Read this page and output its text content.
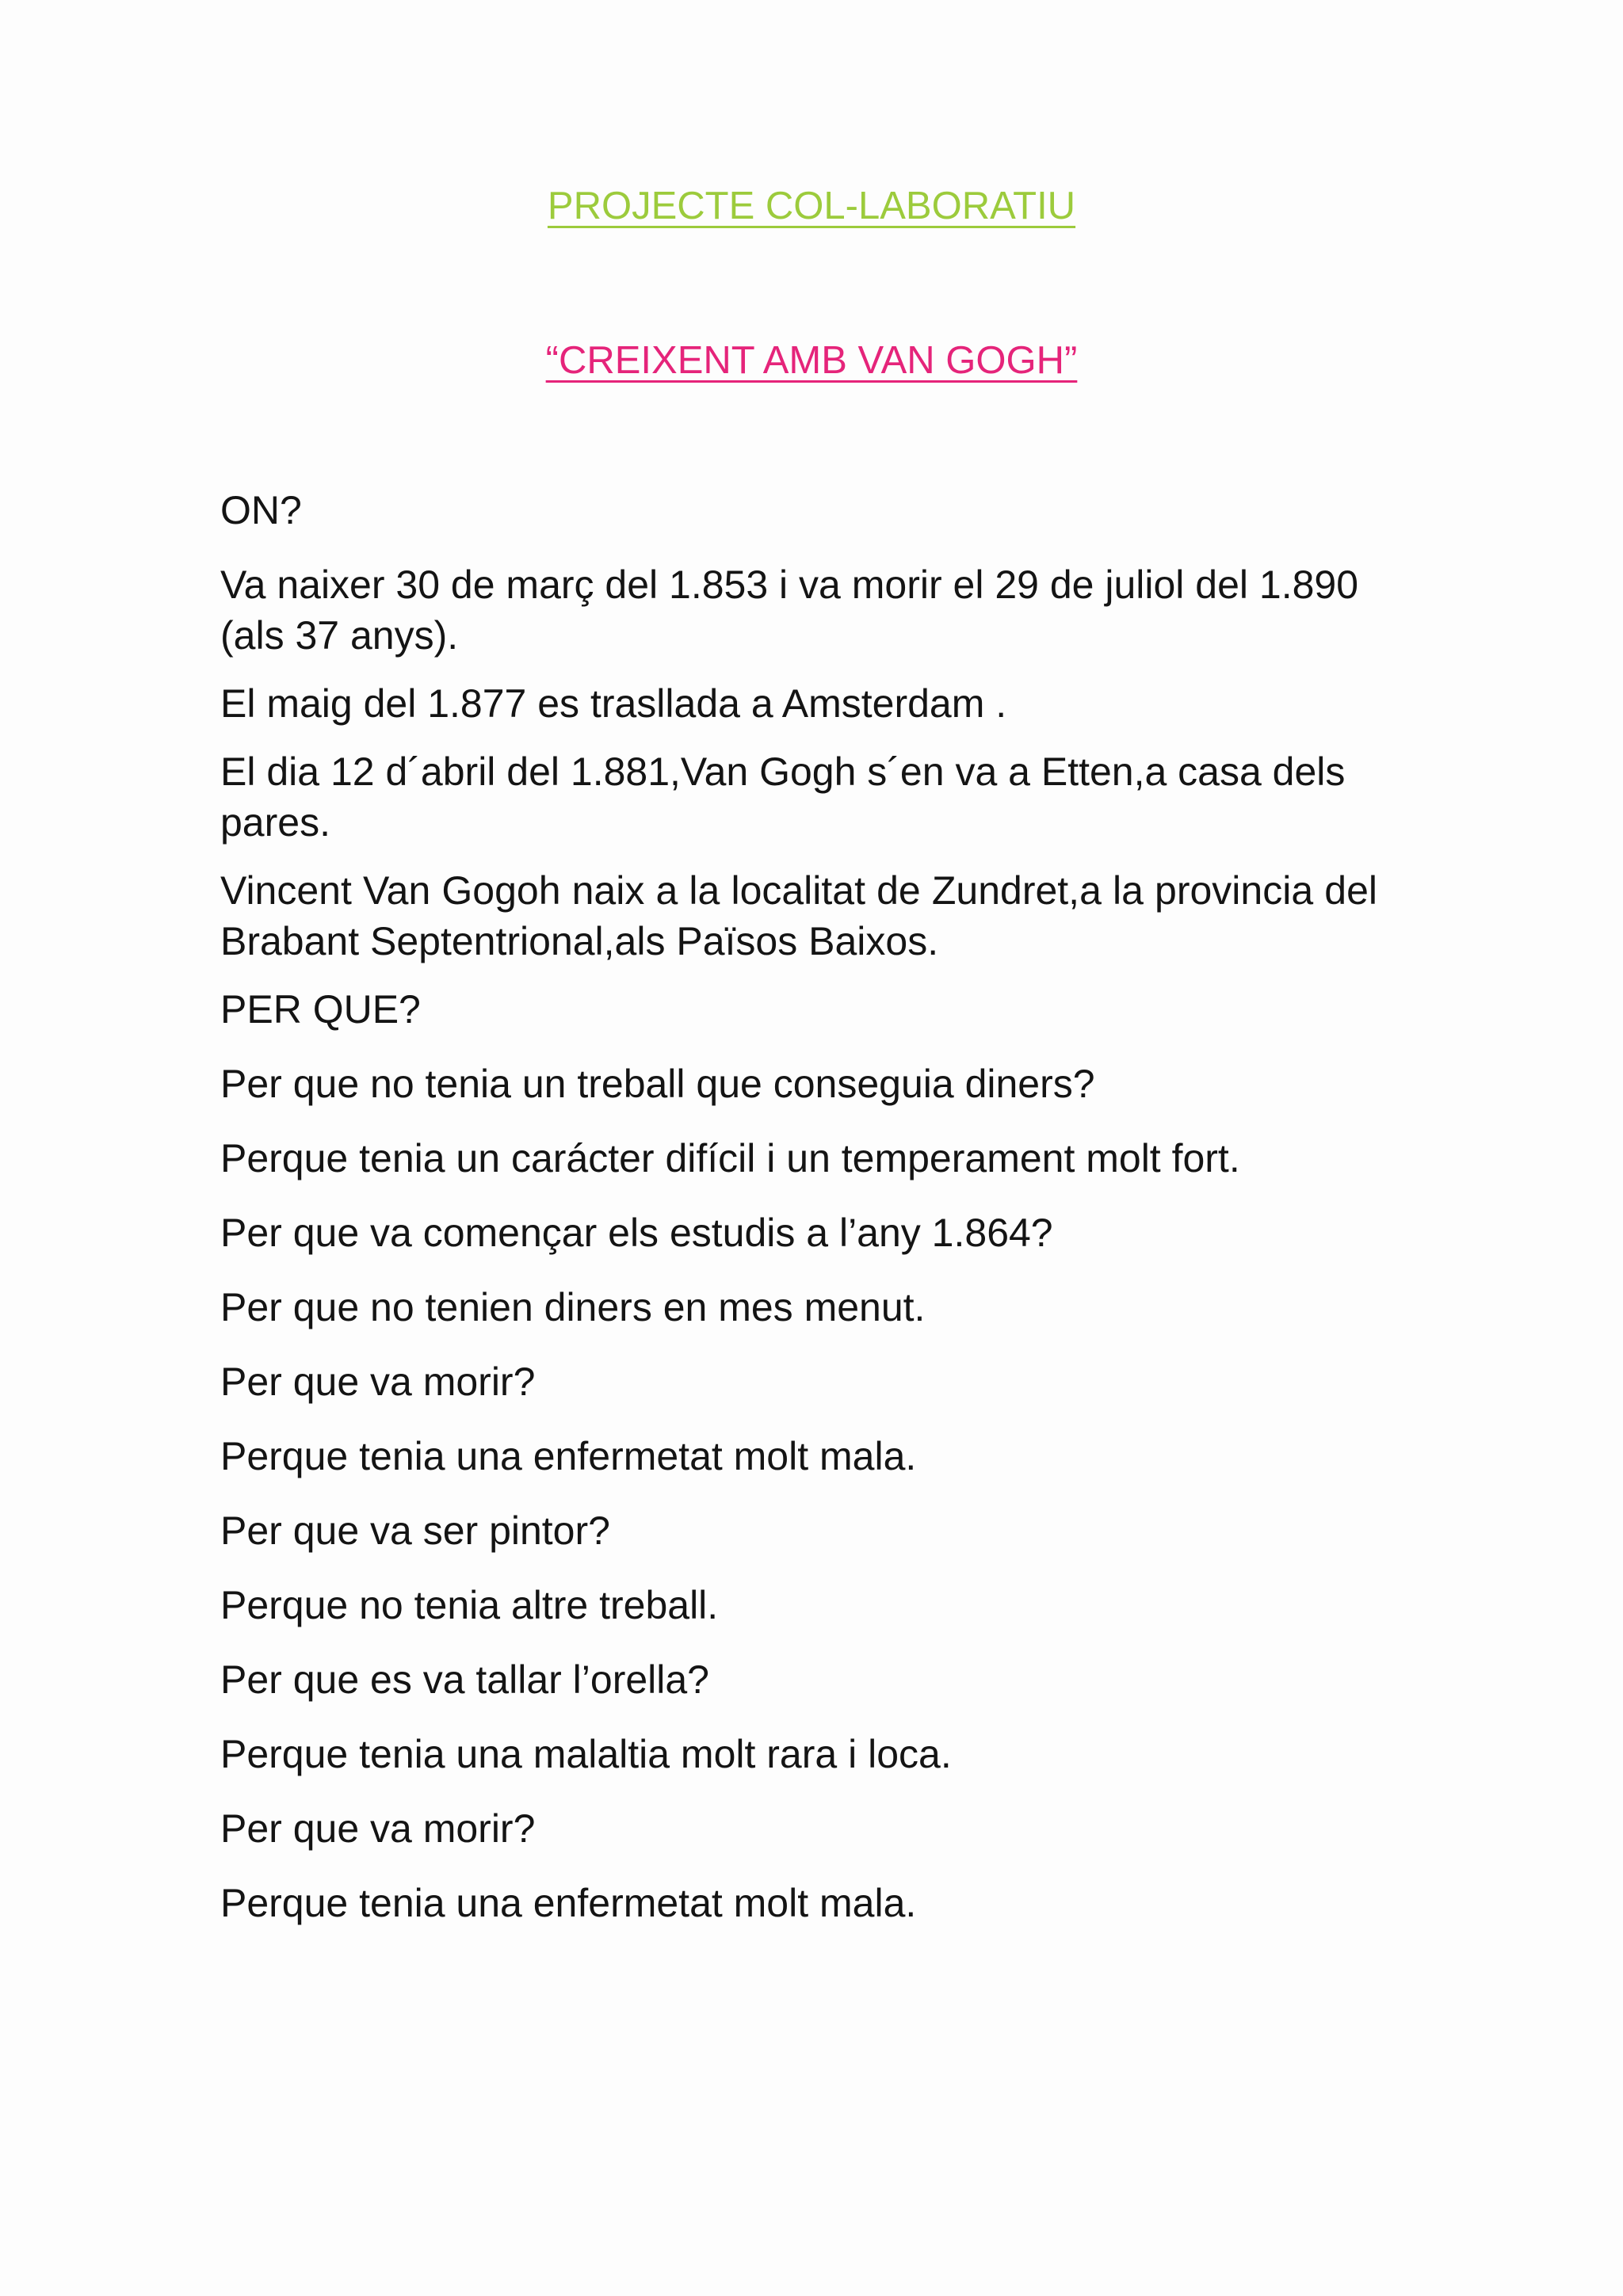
PROJECTE COL-LABORATIU
“CREIXENT AMB VAN GOGH”

ON?

Va naixer 30 de març del 1.853 i va morir el 29 de juliol del 1.890 (als 37 anys).

El maig del 1.877 es traslladа a Amsterdam .

El dia 12 d´abril del 1.881,Van Gogh s´en va a Etten,a casa dels pares.

Vincent Van Gogoh naix a la localitat de Zundret,a la provincia del Brabant Septentrional,als Països Baixos.

PER QUE?

Per que no tenia un treball que conseguia diners?

Perque tenia un carácter difícil i un temperament molt fort.

Per que va començar els estudis a l’any 1.864?

Per que no tenien diners en mes menut.

Per que va morir?

Perque tenia una enfermetat molt mala.

Per que va ser pintor?

Perque no tenia altre treball.

Per que es va tallar l’orella?

Perque tenia una malaltia molt rara i loca.

Per que va morir?

Perque tenia una enfermetat molt mala.
